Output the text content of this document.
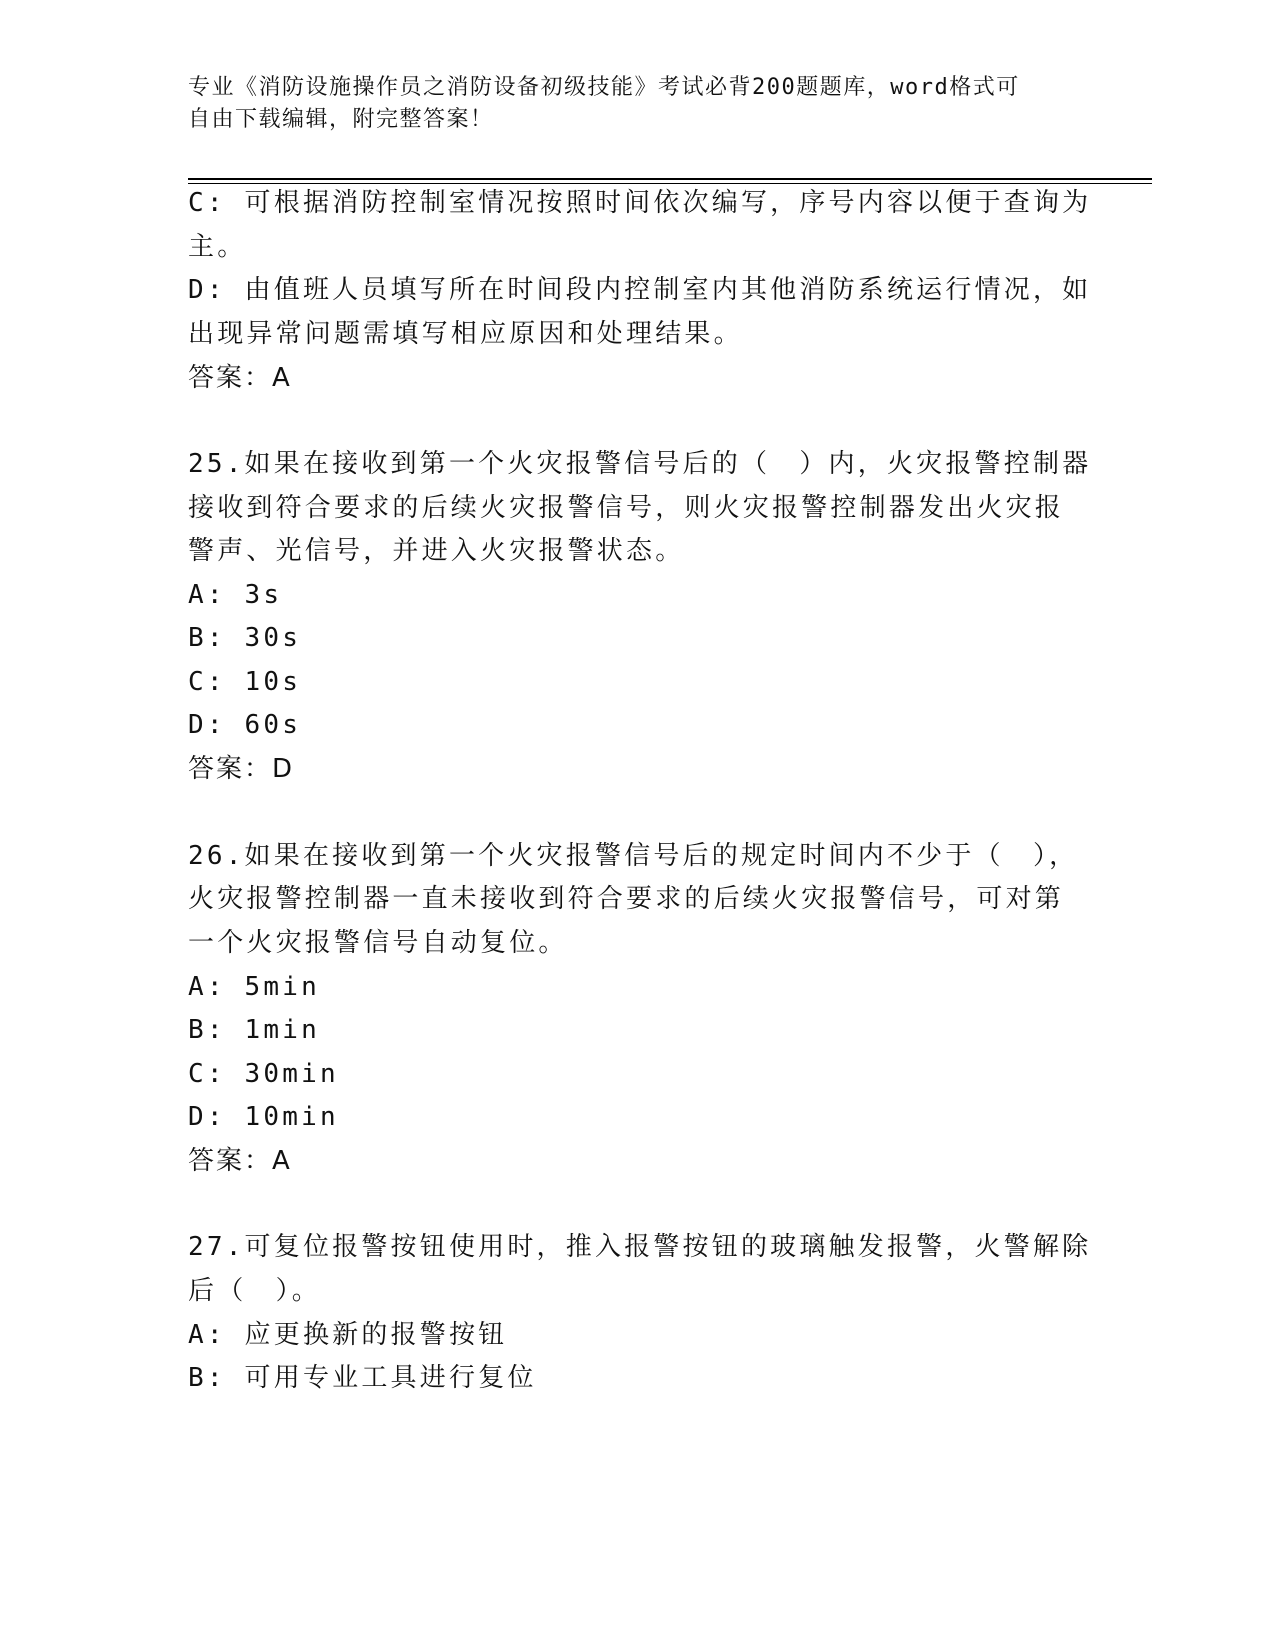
专业《消防设施操作员之消防设备初级技能》考试必背200题题库，word格式可
自由下载编辑，附完整答案！
C: 可根据消防控制室情况按照时间依次编写，序号内容以便于查询为
主。
D: 由值班人员填写所在时间段内控制室内其他消防系统运行情况，如
出现异常问题需填写相应原因和处理结果。
答案：A
25.如果在接收到第一个火灾报警信号后的（　）内，火灾报警控制器
接收到符合要求的后续火灾报警信号，则火灾报警控制器发出火灾报
警声、光信号，并进入火灾报警状态。
A: 3s
B: 30s
C: 10s
D: 60s
答案：D
26.如果在接收到第一个火灾报警信号后的规定时间内不少于（　），
火灾报警控制器一直未接收到符合要求的后续火灾报警信号，可对第
一个火灾报警信号自动复位。
A: 5min
B: 1min
C: 30min
D: 10min
答案：A
27.可复位报警按钮使用时，推入报警按钮的玻璃触发报警，火警解除
后（　）。
A: 应更换新的报警按钮
B: 可用专业工具进行复位
